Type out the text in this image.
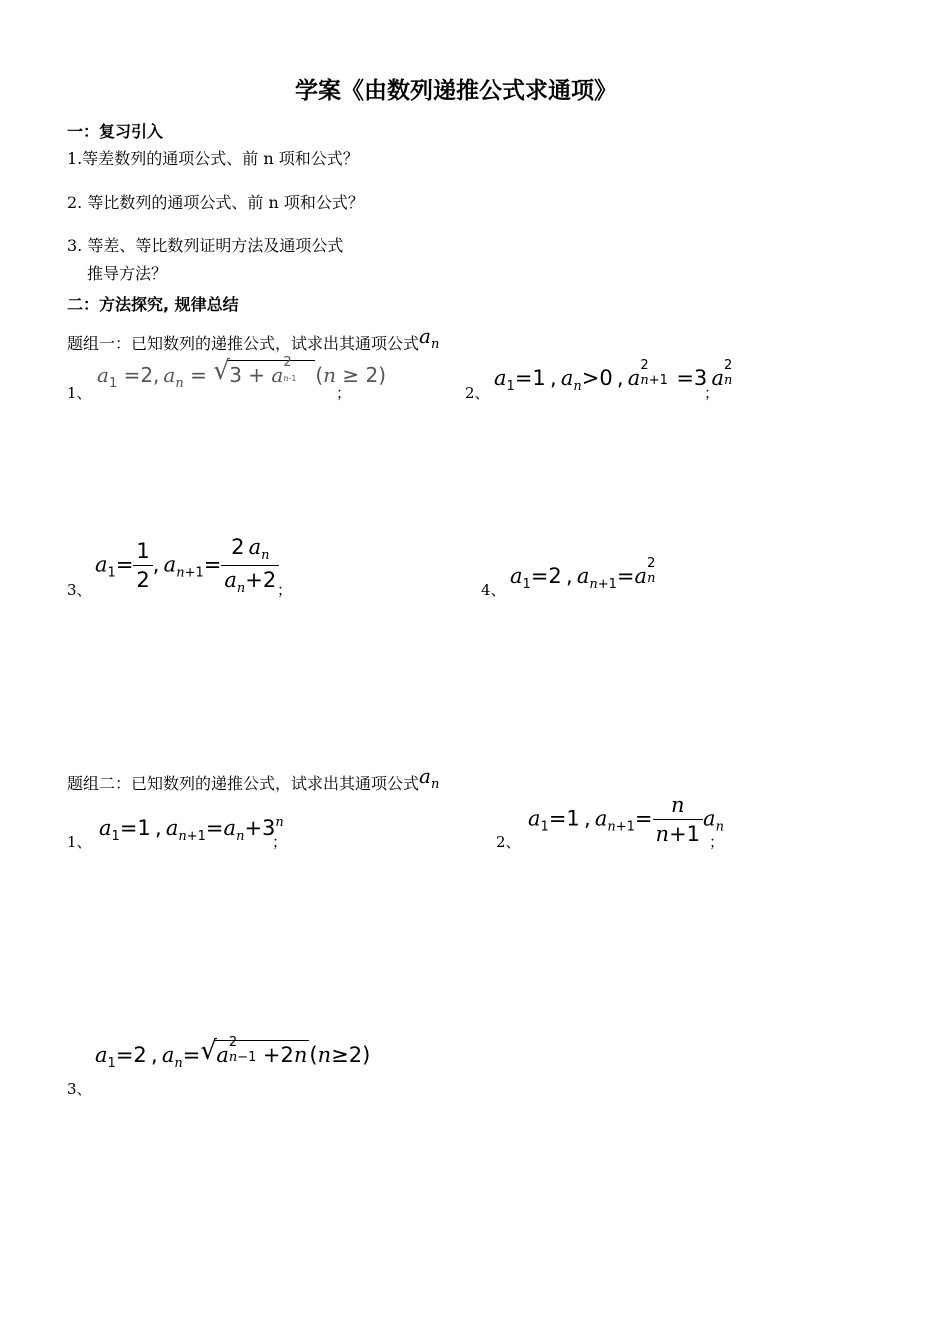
学案《由数列递推公式求通项》
一：复习引入
1.等差数列的通项公式、前 n 项和公式？
2. 等比数列的通项公式、前 n 项和公式？
3. 等差、等比数列证明方法及通项公式
推导方法？
二：方法探究, 规律总结
题组一：已知数列的递推公式，试求出其通项公式$a_n$
1、
$a_1 =2$, $a_n$ = √ 3 + a
2
n-1 (n ≥ 2)
；	2、
$a_1=1$ , $a_n>0$ , a
2
n+1 =3 a
2
n
；
3、
$a_1= \frac{1}{2}$ , $a_{n+1}= \frac{2 a_n}{a_n+2}$
；	4、
$a_1=2$ , $a_{n+1}=a$
2
n
题组二：已知数列的递推公式，试求出其通项公式$a_n$
1、
$a_1=1$ , $a_{n+1}=a_n+3^n$
；	2、
$a_1=1$ , $a_{n+1}= \frac{n}{n+1} a_n$
；
3、
$a_1=2$ , $a_n=$ √ a
2
n−1 +2n(n≥2)
